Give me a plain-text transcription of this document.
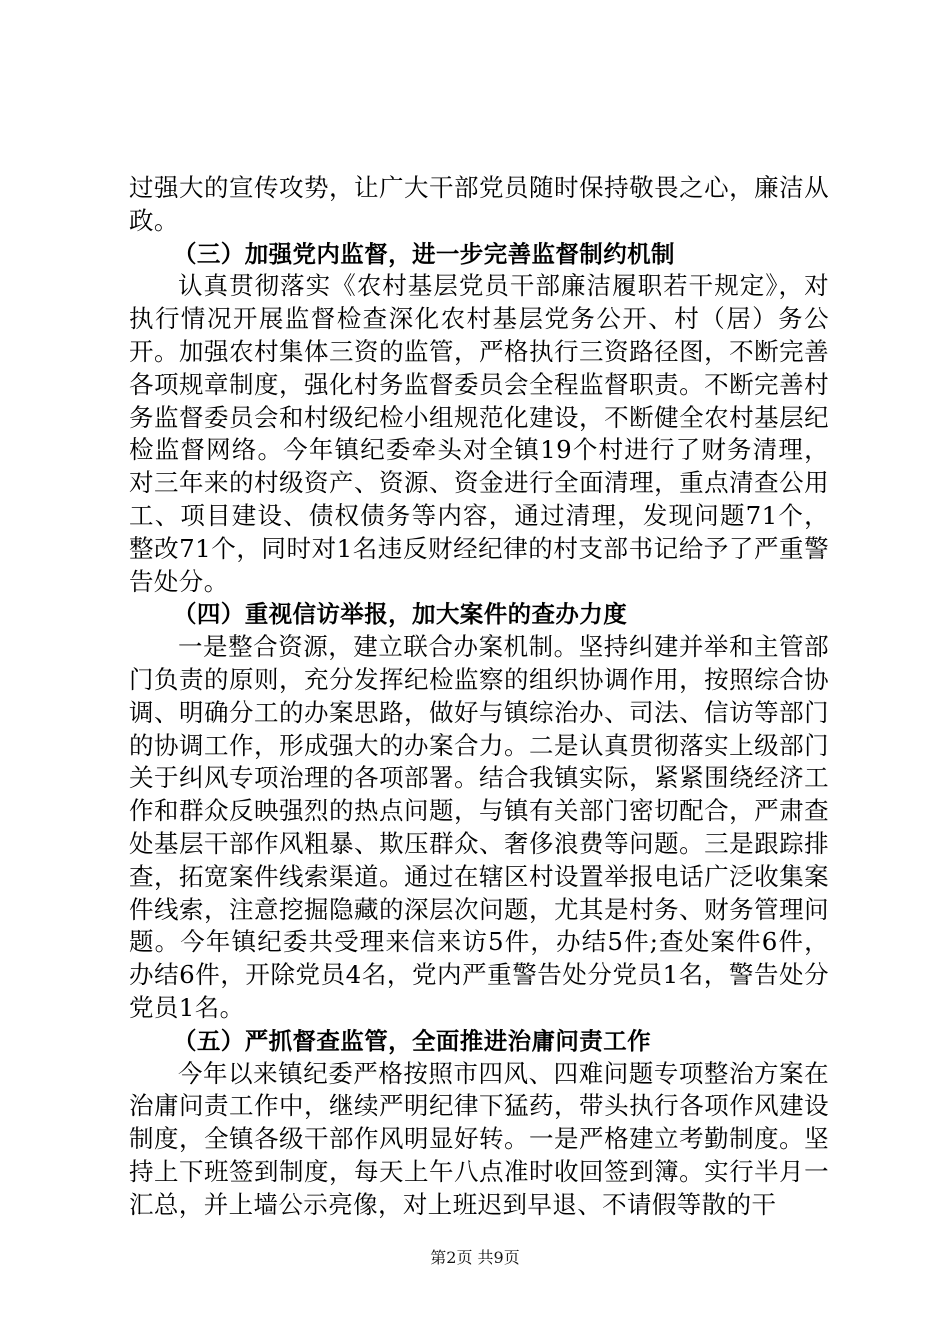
过强大的宣传攻势，让广大干部党员随时保持敬畏之心，廉洁从政。

（三）加强党内监督，进一步完善监督制约机制

认真贯彻落实《农村基层党员干部廉洁履职若干规定》，对执行情况开展监督检查深化农村基层党务公开、村（居）务公开。加强农村集体三资的监管，严格执行三资路径图，不断完善各项规章制度，强化村务监督委员会全程监督职责。不断完善村务监督委员会和村级纪检小组规范化建设，不断健全农村基层纪检监督网络。今年镇纪委牵头对全镇19个村进行了财务清理，对三年来的村级资产、资源、资金进行全面清理，重点清查公用工、项目建设、债权债务等内容，通过清理，发现问题71个，整改71个，同时对1名违反财经纪律的村支部书记给予了严重警告处分。

（四）重视信访举报，加大案件的查办力度

一是整合资源，建立联合办案机制。坚持纠建并举和主管部门负责的原则，充分发挥纪检监察的组织协调作用，按照综合协调、明确分工的办案思路，做好与镇综治办、司法、信访等部门的协调工作，形成强大的办案合力。二是认真贯彻落实上级部门关于纠风专项治理的各项部署。结合我镇实际，紧紧围绕经济工作和群众反映强烈的热点问题，与镇有关部门密切配合，严肃查处基层干部作风粗暴、欺压群众、奢侈浪费等问题。三是跟踪排查，拓宽案件线索渠道。通过在辖区村设置举报电话广泛收集案件线索，注意挖掘隐藏的深层次问题，尤其是村务、财务管理问题。今年镇纪委共受理来信来访5件，办结5件;查处案件6件，办结6件，开除党员4名，党内严重警告处分党员1名，警告处分党员1名。

（五）严抓督查监管，全面推进治庸问责工作

今年以来镇纪委严格按照市四风、四难问题专项整治方案在治庸问责工作中，继续严明纪律下猛药，带头执行各项作风建设制度，全镇各级干部作风明显好转。一是严格建立考勤制度。坚持上下班签到制度，每天上午八点准时收回签到簿。实行半月一汇总，并上墙公示亮像，对上班迟到早退、不请假等散的干

第2页 共9页
